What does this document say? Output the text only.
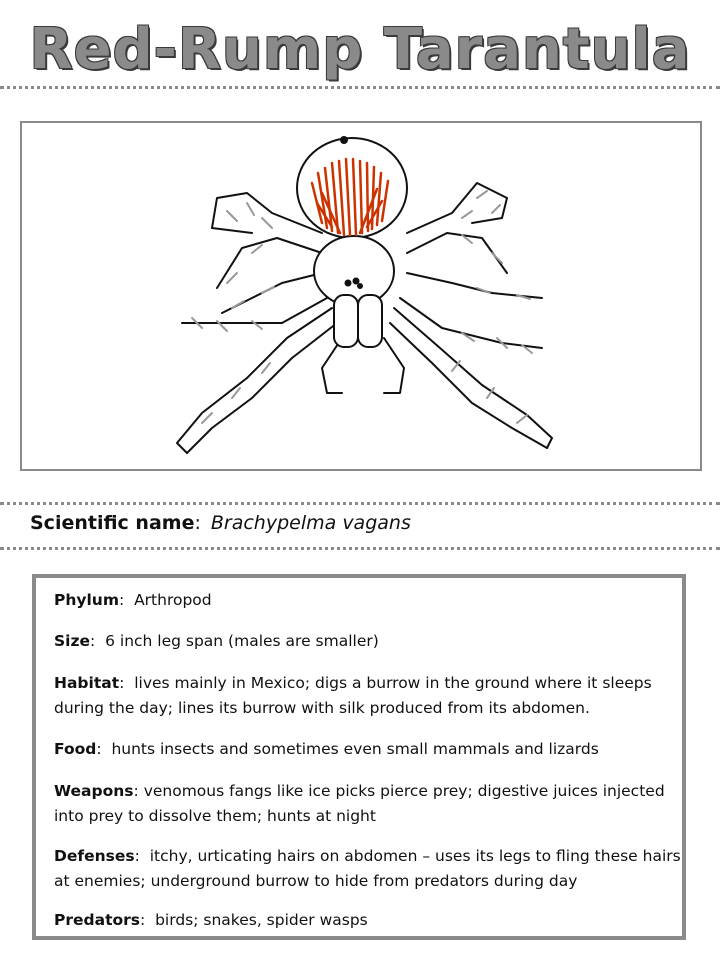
Red-Rump Tarantula
Scientific name: Brachypelma vagans
Phylum:  Arthropod
Size:  6 inch leg span (males are smaller)
Habitat:  lives mainly in Mexico; digs a burrow in the ground where it sleeps during the day; lines its burrow with silk produced from its abdomen.
Food:  hunts insects and sometimes even small mammals and lizards
Weapons: venomous fangs like ice picks pierce prey; digestive juices injected into prey to dissolve them; hunts at night
Defenses:  itchy, urticating hairs on abdomen – uses its legs to fling these hairs at enemies; underground burrow to hide from predators during day
Predators:  birds; snakes, spider wasps
